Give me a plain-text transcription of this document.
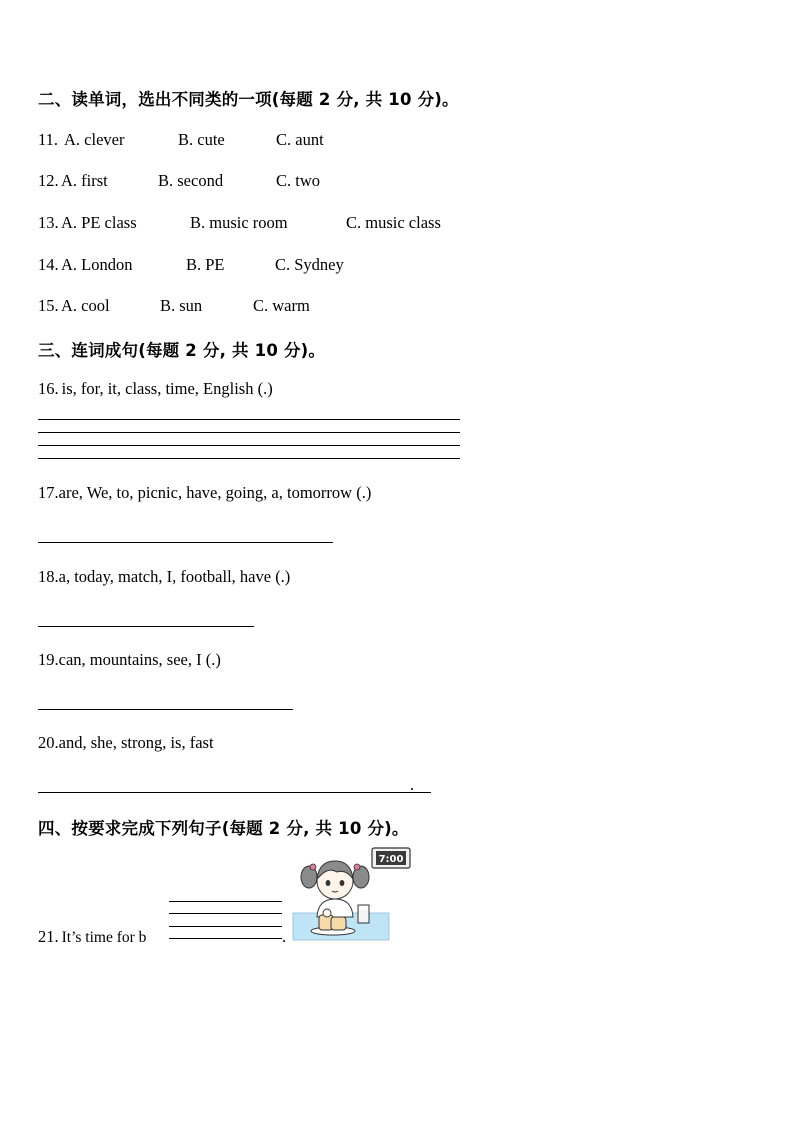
二、读单词，选出不同类的一项(每题 2 分, 共 10 分)。
11. A. clever	B. cute	C. aunt
12. A. first	B. second	C. two
13. A. PE class	B. music room	C. music class
14. A. London	B. PE	C. Sydney
15. A. cool	B. sun	C. warm
三、连词成句(每题 2 分, 共 10 分)。
16. is, for, it, class, time, English (.)
17.are, We, to, picnic, have, going, a, tomorrow (.)
18.a, today, match, I, football, have (.)
19.can, mountains, see, I (.)
20.and, she, strong, is, fast
.
四、按要求完成下列句子(每题 2 分, 共 10 分)。
21. It’s time for b	.
7:00
